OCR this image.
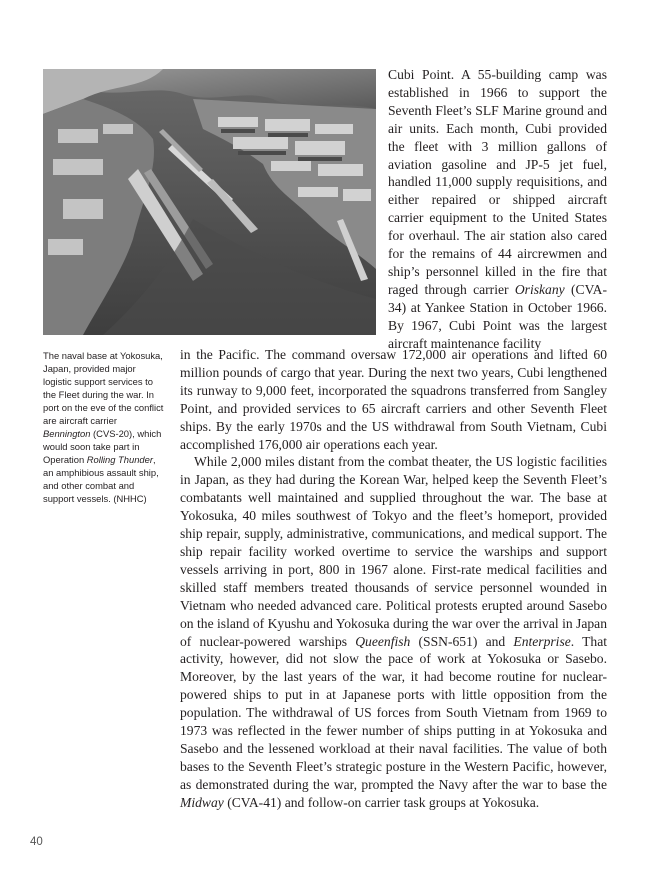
Cubi Point. A 55-building camp was established in 1966 to support the Seventh Fleet’s SLF Marine ground and air units. Each month, Cubi provided the fleet with 3 million gallons of aviation gasoline and JP-5 jet fuel, handled 11,000 supply requisitions, and either repaired or shipped aircraft carrier equipment to the United States for overhaul. The air station also cared for the remains of 44 aircrewmen and ship’s personnel killed in the fire that raged through carrier Oriskany (CVA-34) at Yankee Station in October 1966. By 1967, Cubi Point was the largest aircraft maintenance facility

in the Pacific. The command oversaw 172,000 air operations and lifted 60 million pounds of cargo that year. During the next two years, Cubi lengthened its runway to 9,000 feet, incorporated the squadrons transferred from Sangley Point, and provided services to 65 aircraft carriers and other Seventh Fleet ships. By the early 1970s and the US withdrawal from South Vietnam, Cubi accomplished 176,000 air operations each year.

While 2,000 miles distant from the combat theater, the US logistic facilities in Japan, as they had during the Korean War, helped keep the Seventh Fleet’s combatants well maintained and supplied throughout the war. The base at Yokosuka, 40 miles southwest of Tokyo and the fleet’s homeport, provided ship repair, supply, administrative, communications, and medical support. The ship repair facility worked overtime to service the warships and support vessels arriving in port, 800 in 1967 alone. First-rate medical facilities and skilled staff members treated thousands of service personnel wounded in Vietnam who needed advanced care. Political protests erupted around Sasebo on the island of Kyushu and Yokosuka during the war over the arrival in Japan of nuclear-powered warships Queenfish (SSN-651) and Enterprise. That activity, however, did not slow the pace of work at Yokosuka or Sasebo. Moreover, by the last years of the war, it had become routine for nuclear-powered ships to put in at Japanese ports with little opposition from the population. The withdrawal of US forces from South Vietnam from 1969 to 1973 was reflected in the fewer number of ships putting in at Yokosuka and Sasebo and the lessened workload at their naval facilities. The value of both bases to the Seventh Fleet’s strategic posture in the Western Pacific, however, as demonstrated during the war, prompted the Navy after the war to base the Midway (CVA-41) and follow-on carrier task groups at Yokosuka.

The naval base at Yokosuka, Japan, provided major logistic support services to the Fleet during the war. In port on the eve of the conflict are aircraft carrier Bennington (CVS-20), which would soon take part in Operation Rolling Thunder, an amphibious assault ship, and other combat and support vessels. (NHHC)
40
